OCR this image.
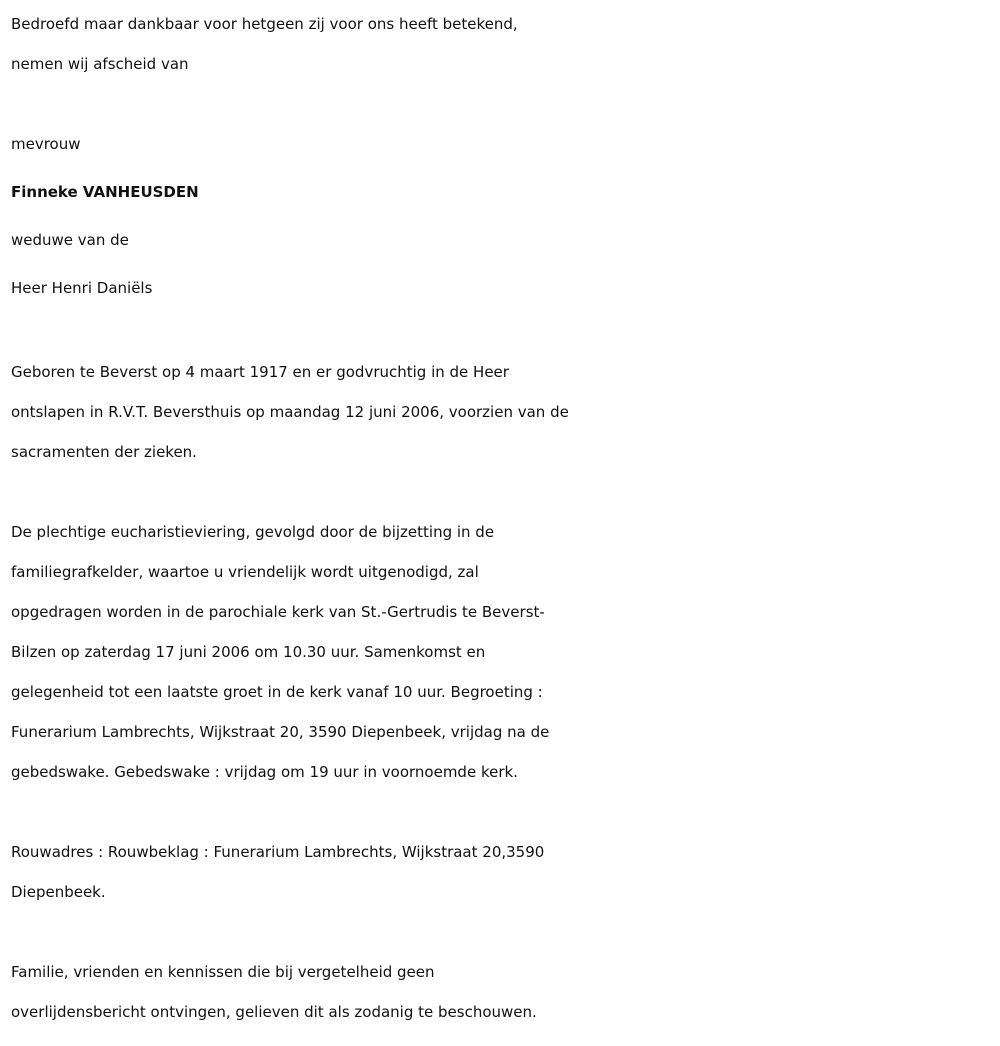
Bedroefd maar dankbaar voor hetgeen zij voor ons heeft betekend,
nemen wij afscheid van

mevrouw
Finneke VANHEUSDEN
weduwe van de
Heer Henri Daniëls

Geboren te Beverst op 4 maart 1917 en er godvruchtig in de Heer
ontslapen in R.V.T. Beversthuis op maandag 12 juni 2006, voorzien van de
sacramenten der zieken.

De plechtige eucharistieviering, gevolgd door de bijzetting in de
familiegrafkelder, waartoe u vriendelijk wordt uitgenodigd, zal
opgedragen worden in de parochiale kerk van St.-Gertrudis te Beverst-
Bilzen op zaterdag 17 juni 2006 om 10.30 uur. Samenkomst en
gelegenheid tot een laatste groet in de kerk vanaf 10 uur. Begroeting :
Funerarium Lambrechts, Wijkstraat 20, 3590 Diepenbeek, vrijdag na de
gebedswake. Gebedswake : vrijdag om 19 uur in voornoemde kerk.

Rouwadres : Rouwbeklag : Funerarium Lambrechts, Wijkstraat 20,3590
Diepenbeek.

Familie, vrienden en kennissen die bij vergetelheid geen
overlijdensbericht ontvingen, gelieven dit als zodanig te beschouwen.
